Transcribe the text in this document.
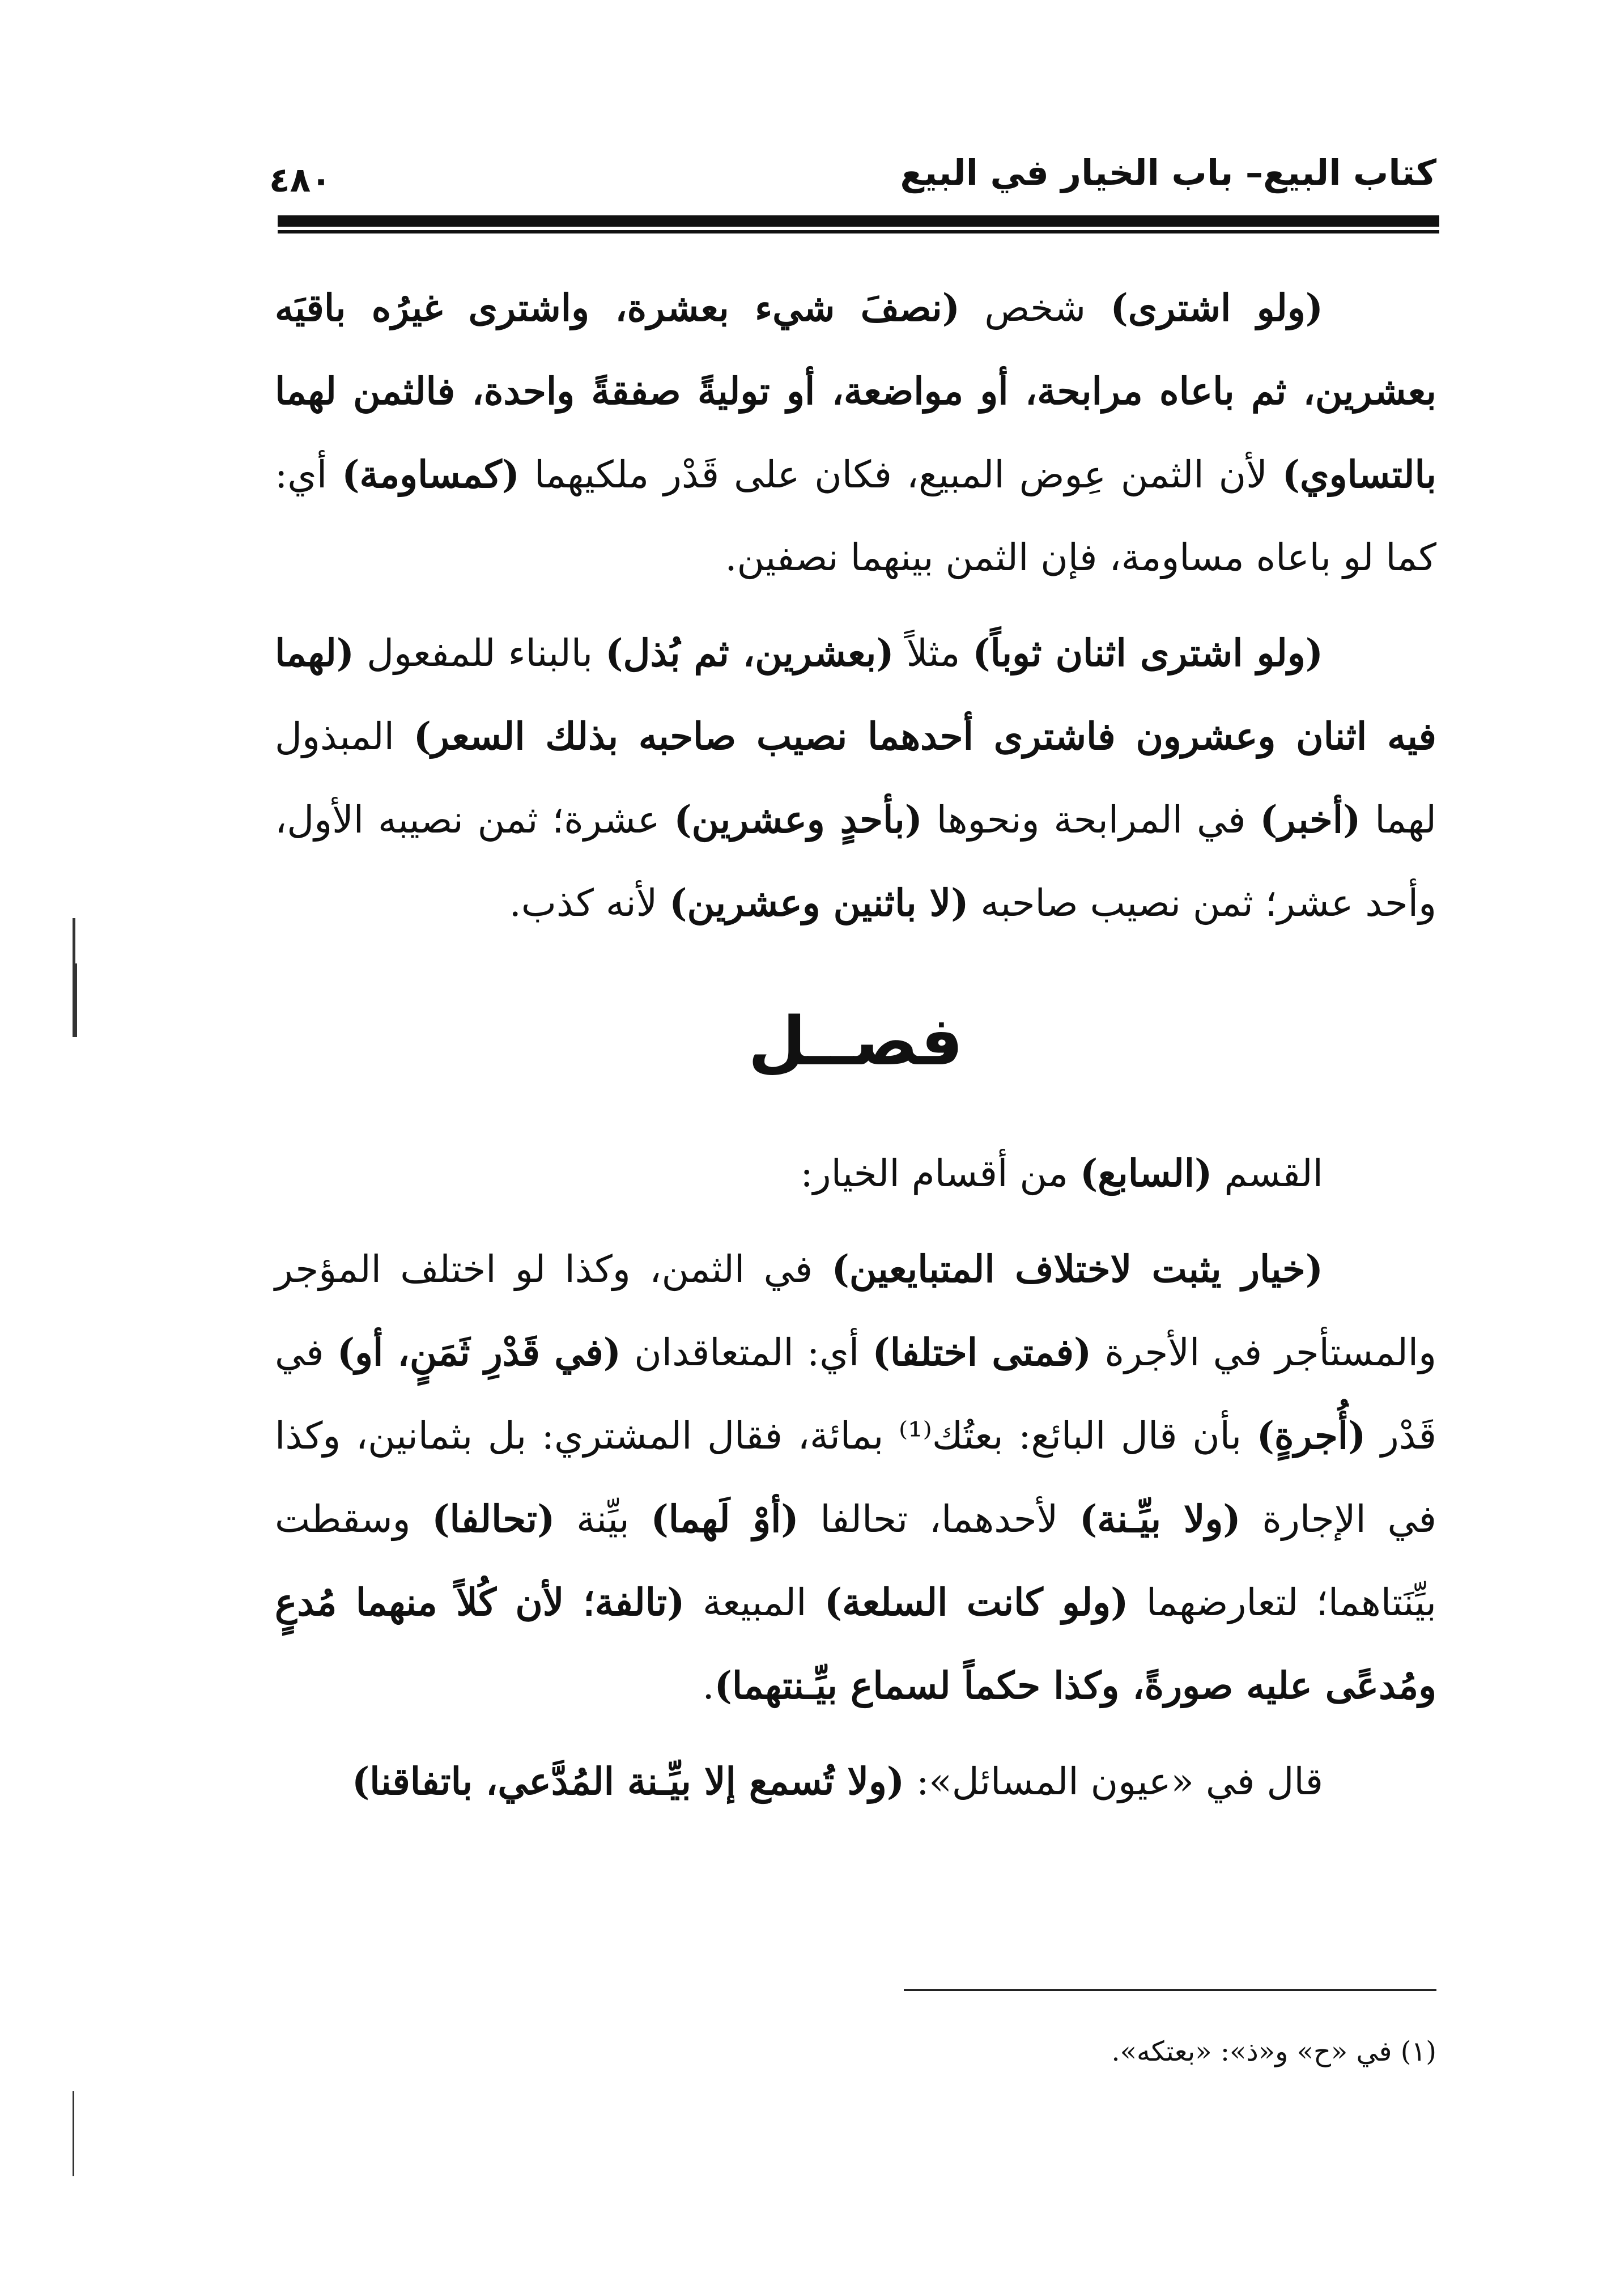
كتاب البيع– باب الخيار في البيع
٤٨٠

(ولو اشترى) شخص (نصفَ شيء بعشرة، واشترى غيرُه باقيَه بعشرين، ثم باعاه مرابحة، أو مواضعة، أو توليةً صفقةً واحدة، فالثمن لهما بالتساوي) لأن الثمن عِوض المبيع، فكان على قَدْر ملكيهما (كمساومة) أي: كما لو باعاه مساومة، فإن الثمن بينهما نصفين.

(ولو اشترى اثنان ثوباً) مثلاً (بعشرين، ثم بُذل) بالبناء للمفعول (لهما فيه اثنان وعشرون فاشترى أحدهما نصيب صاحبه بذلك السعر) المبذول لهما (أخبر) في المرابحة ونحوها (بأحدٍ وعشرين) عشرة؛ ثمن نصيبه الأول، وأحد عشر؛ ثمن نصيب صاحبه (لا باثنين وعشرين) لأنه كذب.

فصــل

القسم (السابع) من أقسام الخيار:

(خيار يثبت لاختلاف المتبايعين) في الثمن، وكذا لو اختلف المؤجر والمستأجر في الأجرة (فمتى اختلفا) أي: المتعاقدان (في قَدْرِ ثَمَنٍ، أو) في قَدْر (أُجرةٍ) بأن قال البائع: بعتُك⁽¹⁾ بمائة، فقال المشتري: بل بثمانين، وكذا في الإجارة (ولا بيِّـنة) لأحدهما، تحالفا (أوْ لَهما) بيِّنة (تحالفا) وسقطت بيِّنَتاهما؛ لتعارضهما (ولو كانت السلعة) المبيعة (تالفة؛ لأن كُلاً منهما مُدعٍ ومُدعًى عليه صورةً، وكذا حكماً لسماع بيِّـنتهما).

قال في «عيون المسائل»: (ولا تُسمع إلا بيِّـنة المُدَّعي، باتفاقنا)

(١) في «ح» و«ذ»: «بعتكه».
